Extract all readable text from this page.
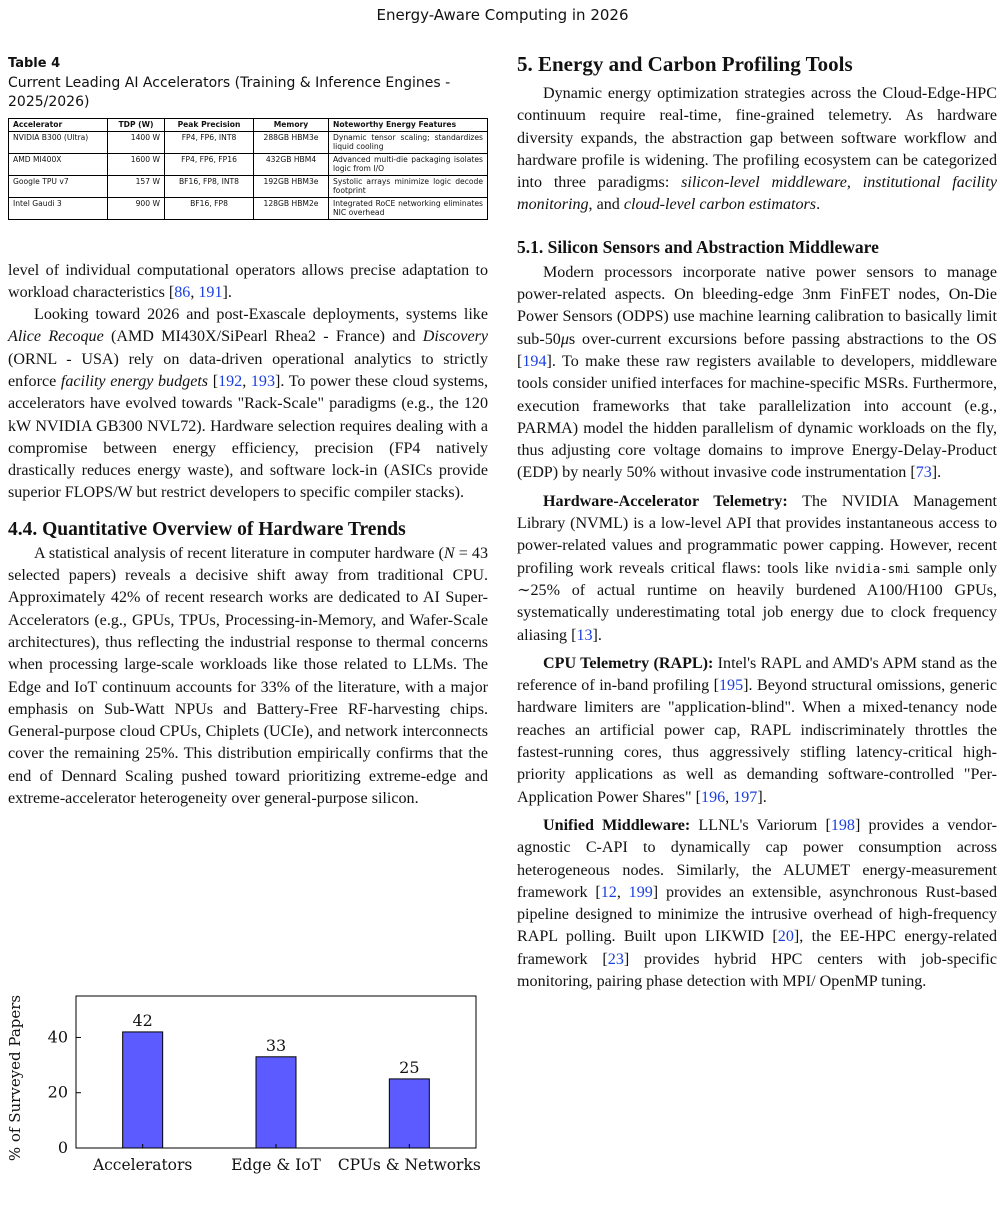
Energy-Aware Computing in 2026
Table 4
Current Leading AI Accelerators (Training & Inference Engines - 2025/2026)
Accelerator	TDP (W)	Peak Precision	Memory	Noteworthy Energy Features
NVIDIA B300 (Ultra)	1400 W	FP4, FP6, INT8	288GB HBM3e	Dynamic tensor scaling; standardizes liquid cooling
AMD MI400X	1600 W	FP4, FP6, FP16	432GB HBM4	Advanced multi-die packaging isolates logic from I/O
Google TPU v7	157 W	BF16, FP8, INT8	192GB HBM3e	Systolic arrays minimize logic decode footprint
Intel Gaudi 3	900 W	BF16, FP8	128GB HBM2e	Integrated RoCE networking eliminates NIC overhead

level of individual computational operators allows precise adaptation to workload characteristics [86, 191].

Looking toward 2026 and post-Exascale deployments, systems like Alice Recoque (AMD MI430X/SiPearl Rhea2 - France) and Discovery (ORNL - USA) rely on data-driven operational analytics to strictly enforce facility energy budgets [192, 193]. To power these cloud systems, accelerators have evolved towards "Rack-Scale" paradigms (e.g., the 120 kW NVIDIA GB300 NVL72). Hardware selection requires dealing with a compromise between energy efficiency, precision (FP4 natively drastically reduces energy waste), and software lock-in (ASICs provide superior FLOPS/W but restrict developers to specific compiler stacks).

4.4. Quantitative Overview of Hardware Trends

A statistical analysis of recent literature in computer hardware (N = 43 selected papers) reveals a decisive shift away from traditional CPU. Approximately 42% of recent research works are dedicated to AI Super-Accelerators (e.g., GPUs, TPUs, Processing-in-Memory, and Wafer-Scale architectures), thus reflecting the industrial response to thermal concerns when processing large-scale workloads like those related to LLMs. The Edge and IoT continuum accounts for 33% of the literature, with a major emphasis on Sub-Watt NPUs and Battery-Free RF-harvesting chips. General-purpose cloud CPUs, Chiplets (UCIe), and network interconnects cover the remaining 25%. This distribution empirically confirms that the end of Dennard Scaling pushed toward prioritizing extreme-edge and extreme-accelerator heterogeneity over general-purpose silicon.

0
20
40
42
Accelerators
33
Edge & IoT
25
CPUs & Networks
% of Surveyed Papers
5. Energy and Carbon Profiling Tools

Dynamic energy optimization strategies across the Cloud-Edge-HPC continuum require real-time, fine-grained telemetry. As hardware diversity expands, the abstraction gap between software workflow and hardware profile is widening. The profiling ecosystem can be categorized into three paradigms: silicon-level middleware, institutional facility monitoring, and cloud-level carbon estimators.

5.1. Silicon Sensors and Abstraction Middleware

Modern processors incorporate native power sensors to manage power-related aspects. On bleeding-edge 3nm FinFET nodes, On-Die Power Sensors (ODPS) use machine learning calibration to basically limit sub-50μs over-current excursions before passing abstractions to the OS [194]. To make these raw registers available to developers, middleware tools consider unified interfaces for machine-specific MSRs. Furthermore, execution frameworks that take parallelization into account (e.g., PARMA) model the hidden parallelism of dynamic workloads on the fly, thus adjusting core voltage domains to improve Energy-Delay-Product (EDP) by nearly 50% without invasive code instrumentation [73].

Hardware-Accelerator Telemetry: The NVIDIA Management Library (NVML) is a low-level API that provides instantaneous access to power-related values and programmatic power capping. However, recent profiling work reveals critical flaws: tools like nvidia-smi sample only ∼25% of actual runtime on heavily burdened A100/H100 GPUs, systematically underestimating total job energy due to clock frequency aliasing [13].

CPU Telemetry (RAPL): Intel's RAPL and AMD's APM stand as the reference of in-band profiling [195]. Beyond structural omissions, generic hardware limiters are "application-blind". When a mixed-tenancy node reaches an artificial power cap, RAPL indiscriminately throttles the fastest-running cores, thus aggressively stifling latency-critical high-priority applications as well as demanding software-controlled "Per-Application Power Shares" [196, 197].

Unified Middleware: LLNL's Variorum [198] provides a vendor-agnostic C-API to dynamically cap power consumption across heterogeneous nodes. Similarly, the ALUMET energy-measurement framework [12, 199] provides an extensible, asynchronous Rust-based pipeline designed to minimize the intrusive overhead of high-frequency RAPL polling. Built upon LIKWID [20], the EE-HPC energy-related framework [23] provides hybrid HPC centers with job-specific monitoring, pairing phase detection with MPI/ OpenMP tuning.
